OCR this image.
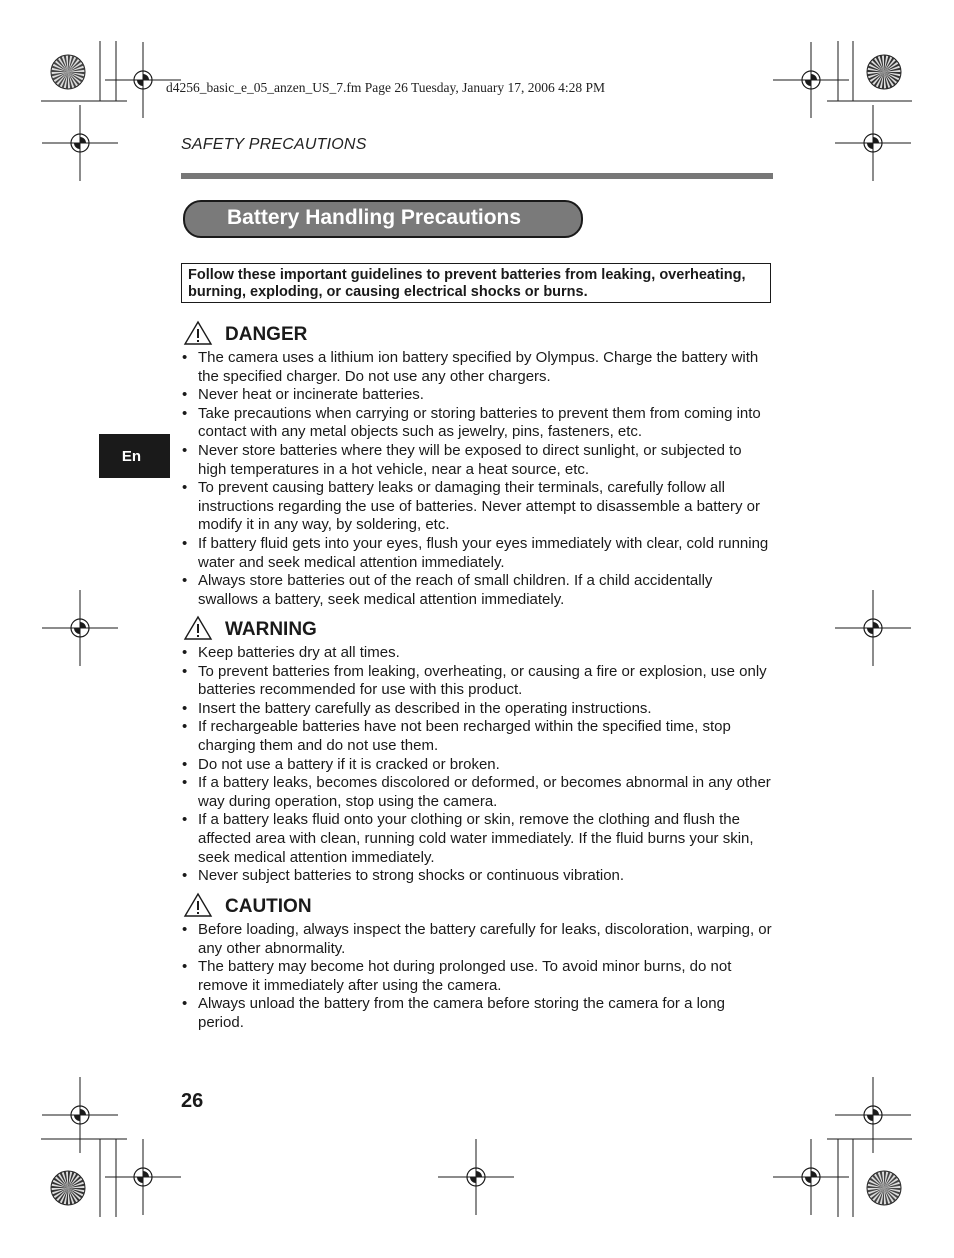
d4256_basic_e_05_anzen_US_7.fm Page 26 Tuesday, January 17, 2006 4:28 PM
SAFETY PRECAUTIONS
Battery Handling Precautions
Follow these important guidelines to prevent batteries from leaking, overheating, burning, exploding, or causing electrical shocks or burns.
En
DANGER
• The camera uses a lithium ion battery specified by Olympus. Charge the battery with the specified charger. Do not use any other chargers.
• Never heat or incinerate batteries.
• Take precautions when carrying or storing batteries to prevent them from coming into contact with any metal objects such as jewelry, pins, fasteners, etc.
• Never store batteries where they will be exposed to direct sunlight, or subjected to high temperatures in a hot vehicle, near a heat source, etc.
• To prevent causing battery leaks or damaging their terminals, carefully follow all instructions regarding the use of batteries. Never attempt to disassemble a battery or modify it in any way, by soldering, etc.
• If battery fluid gets into your eyes, flush your eyes immediately with clear, cold running water and seek medical attention immediately.
• Always store batteries out of the reach of small children. If a child accidentally swallows a battery, seek medical attention immediately.
WARNING
• Keep batteries dry at all times.
• To prevent batteries from leaking, overheating, or causing a fire or explosion, use only batteries recommended for use with this product.
• Insert the battery carefully as described in the operating instructions.
• If rechargeable batteries have not been recharged within the specified time, stop charging them and do not use them.
• Do not use a battery if it is cracked or broken.
• If a battery leaks, becomes discolored or deformed, or becomes abnormal in any other way during operation, stop using the camera.
• If a battery leaks fluid onto your clothing or skin, remove the clothing and flush the affected area with clean, running cold water immediately. If the fluid burns your skin, seek medical attention immediately.
• Never subject batteries to strong shocks or continuous vibration.
CAUTION
• Before loading, always inspect the battery carefully for leaks, discoloration, warping, or any other abnormality.
• The battery may become hot during prolonged use. To avoid minor burns, do not remove it immediately after using the camera.
• Always unload the battery from the camera before storing the camera for a long period.
26
